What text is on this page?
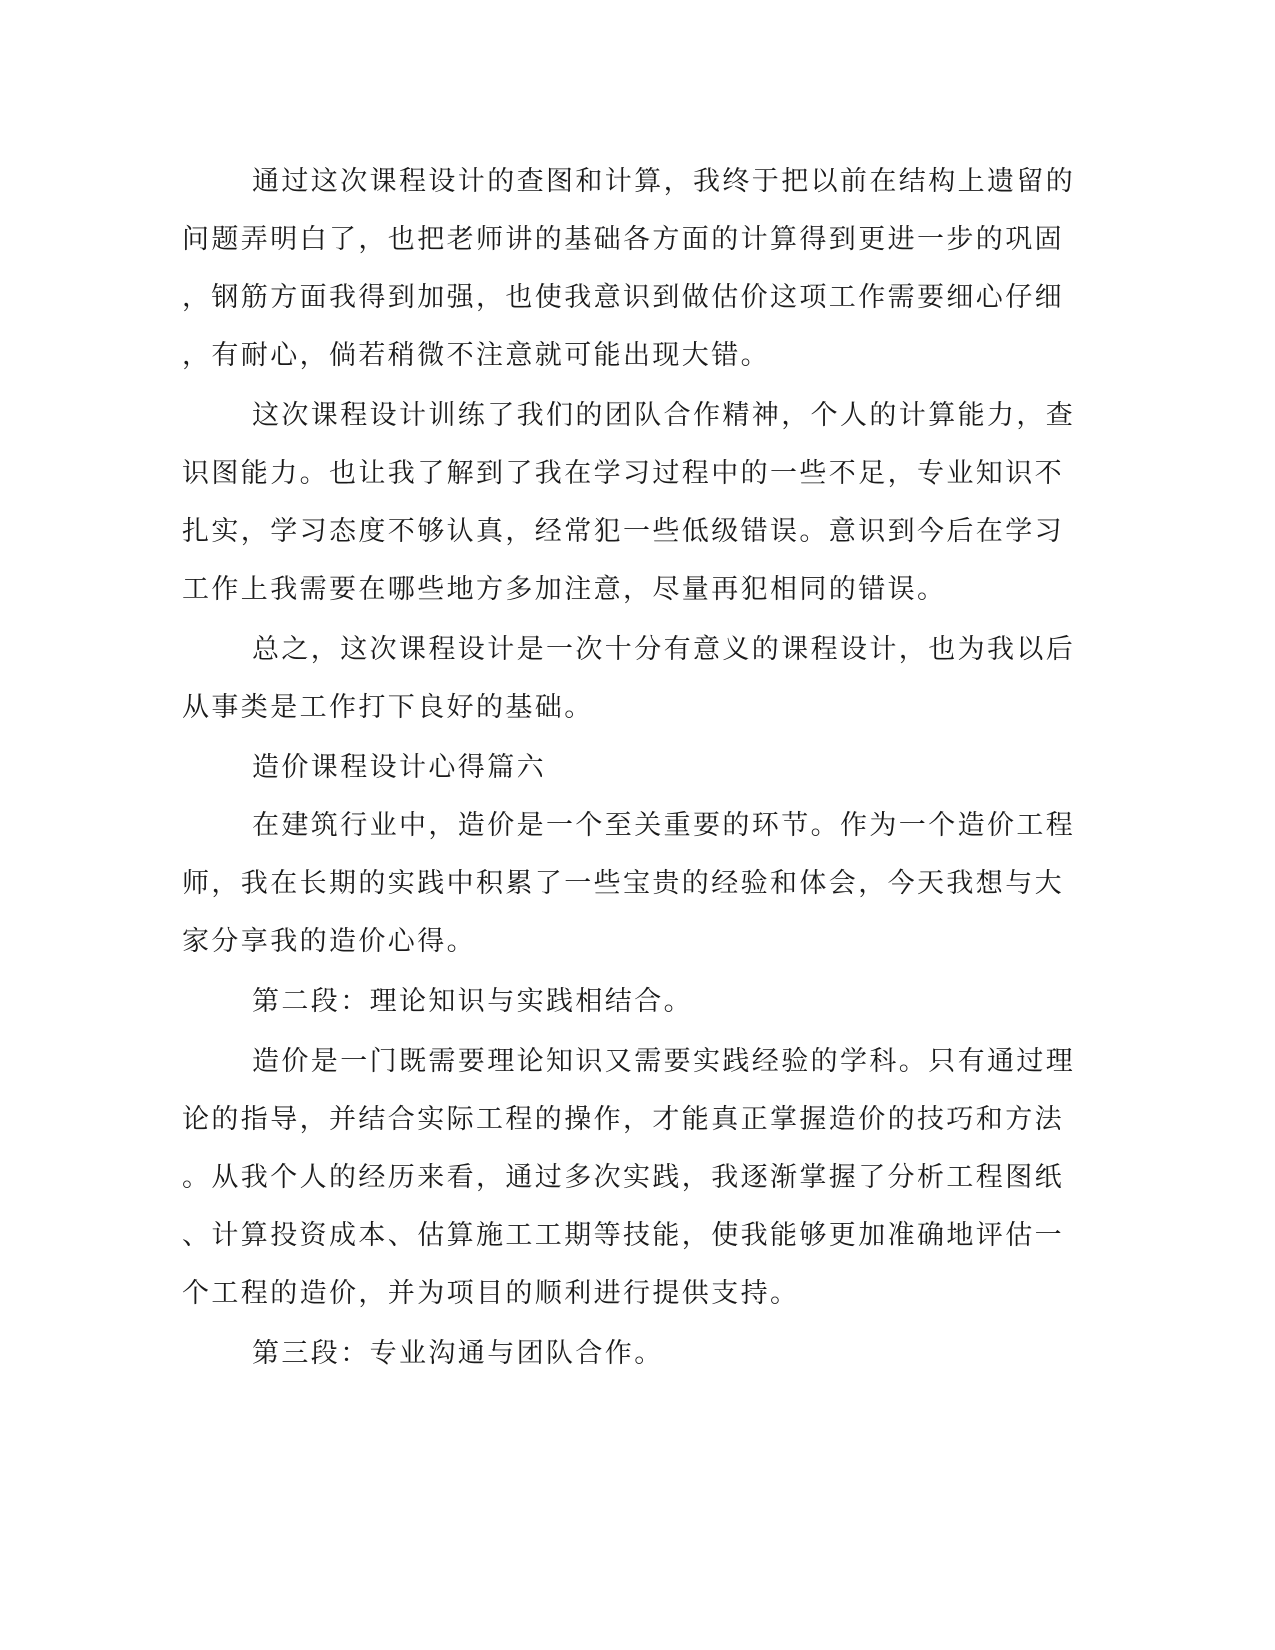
通过这次课程设计的查图和计算，我终于把以前在结构上遗留的

问题弄明白了，也把老师讲的基础各方面的计算得到更进一步的巩固

，钢筋方面我得到加强，也使我意识到做估价这项工作需要细心仔细

，有耐心，倘若稍微不注意就可能出现大错。

这次课程设计训练了我们的团队合作精神，个人的计算能力，查

识图能力。也让我了解到了我在学习过程中的一些不足，专业知识不

扎实，学习态度不够认真，经常犯一些低级错误。意识到今后在学习

工作上我需要在哪些地方多加注意，尽量再犯相同的错误。

总之，这次课程设计是一次十分有意义的课程设计，也为我以后

从事类是工作打下良好的基础。

造价课程设计心得篇六

在建筑行业中，造价是一个至关重要的环节。作为一个造价工程

师，我在长期的实践中积累了一些宝贵的经验和体会，今天我想与大

家分享我的造价心得。

第二段：理论知识与实践相结合。

造价是一门既需要理论知识又需要实践经验的学科。只有通过理

论的指导，并结合实际工程的操作，才能真正掌握造价的技巧和方法

。从我个人的经历来看，通过多次实践，我逐渐掌握了分析工程图纸

、计算投资成本、估算施工工期等技能，使我能够更加准确地评估一

个工程的造价，并为项目的顺利进行提供支持。

第三段：专业沟通与团队合作。
